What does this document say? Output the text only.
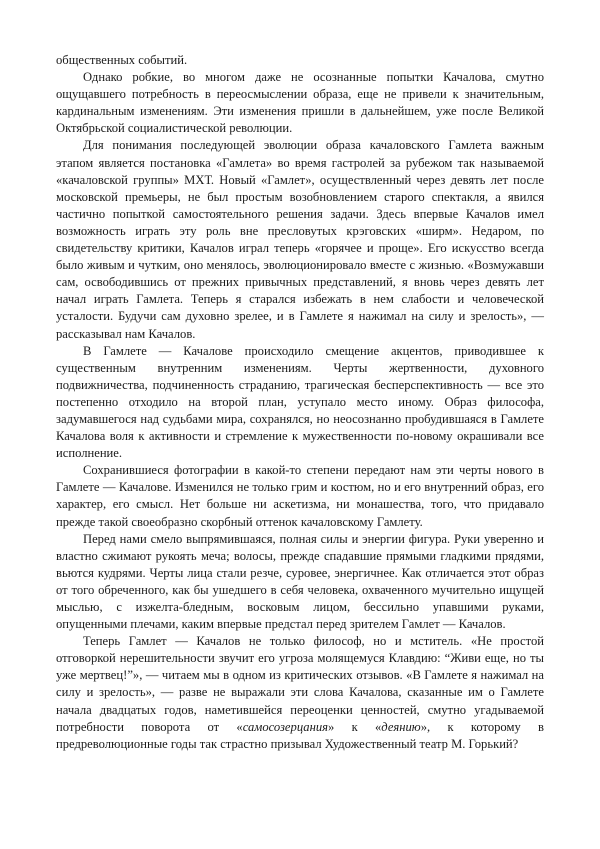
общественных событий.

Однако робкие, во многом даже не осознанные попытки Качалова, смутно ощущавшего потребность в переосмыслении образа, еще не привели к значительным, кардинальным изменениям. Эти изменения пришли в дальнейшем, уже после Великой Октябрьской социалистической революции.

Для понимания последующей эволюции образа качаловского Гамлета важным этапом является постановка «Гамлета» во время гастролей за рубежом так называемой «качаловской группы» МХТ. Новый «Гамлет», осуществленный через девять лет после московской премьеры, не был простым возобновлением старого спектакля, а явился частично попыткой самостоятельного решения задачи. Здесь впервые Качалов имел возможность играть эту роль вне пресловутых крэговских «ширм». Недаром, по свидетельству критики, Качалов играл теперь «горячее и проще». Его искусство всегда было живым и чутким, оно менялось, эволюционировало вместе с жизнью. «Возмужавши сам, освободившись от прежних привычных представлений, я вновь через девять лет начал играть Гамлета. Теперь я старался избежать в нем слабости и человеческой усталости. Будучи сам духовно зрелее, и в Гамлете я нажимал на силу и зрелость», — рассказывал нам Качалов.

В Гамлете — Качалове происходило смещение акцентов, приводившее к существенным внутренним изменениям. Черты жертвенности, духовного подвижничества, подчиненность страданию, трагическая бесперспективность — все это постепенно отходило на второй план, уступало место иному. Образ философа, задумавшегося над судьбами мира, сохранялся, но неосознанно пробудившаяся в Гамлете Качалова воля к активности и стремление к мужественности по-новому окрашивали все исполнение.

Сохранившиеся фотографии в какой-то степени передают нам эти черты нового в Гамлете — Качалове. Изменился не только грим и костюм, но и его внутренний образ, его характер, его смысл. Нет больше ни аскетизма, ни монашества, того, что придавало прежде такой своеобразно скорбный оттенок качаловскому Гамлету.

Перед нами смело выпрямившаяся, полная силы и энергии фигура. Руки уверенно и властно сжимают рукоять меча; волосы, прежде спадавшие прямыми гладкими прядями, вьются кудрями. Черты лица стали резче, суровее, энергичнее. Как отличается этот образ от того обреченного, как бы ушедшего в себя человека, охваченного мучительно ищущей мыслью, с изжелта-бледным, восковым лицом, бессильно упавшими руками, опущенными плечами, каким впервые предстал перед зрителем Гамлет — Качалов.

Теперь Гамлет — Качалов не только философ, но и мститель. «Не простой отговоркой нерешительности звучит его угроза молящемуся Клавдию: “Живи еще, но ты уже мертвец!”», — читаем мы в одном из критических отзывов. «В Гамлете я нажимал на силу и зрелость», — разве не выражали эти слова Качалова, сказанные им о Гамлете начала двадцатых годов, наметившейся переоценки ценностей, смутно угадываемой потребности поворота от «самосозерцания» к «деянию», к которому в предреволюционные годы так страстно призывал Художественный театр М. Горький?
